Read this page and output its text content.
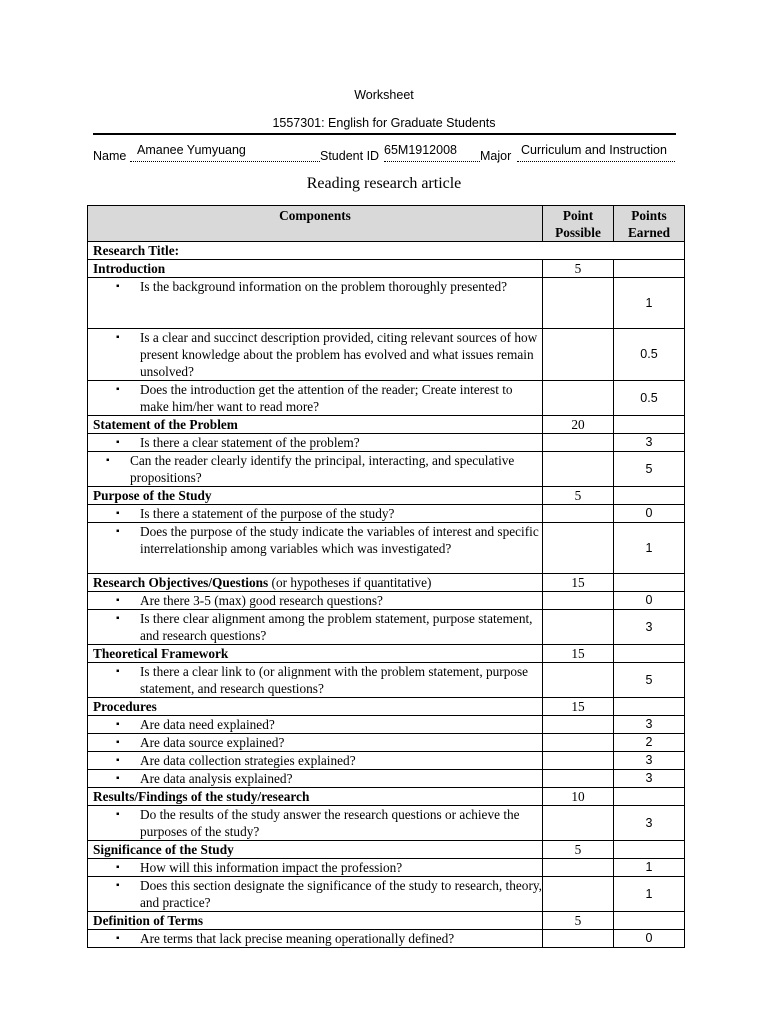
Worksheet
1557301: English for Graduate Students
Name Amanee Yumyuang	Student ID 65M1912008 Major Curriculum and Instruction
Reading research article
Components	Point Possible	Points Earned
Research Title:		
Introduction	5	

▪ Is the background information on the problem thoroughly presented?		1

▪ Is a clear and succinct description provided, citing relevant sources of how present knowledge about the problem has evolved and what issues remain unsolved?		0.5

▪ Does the introduction get the attention of the reader; Create interest to make him/her want to read more?		0.5
Statement of the Problem	20	

▪ Is there a clear statement of the problem?		3

▪ Can the reader clearly identify the principal, interacting, and speculative propositions?		5
Purpose of the Study	5	

▪ Is there a statement of the purpose of the study?		0

▪ Does the purpose of the study indicate the variables of interest and specific interrelationship among variables which was investigated?		1
Research Objectives/Questions (or hypotheses if quantitative)	15	

▪ Are there 3-5 (max) good research questions?		0

▪ Is there clear alignment among the problem statement, purpose statement, and research questions?		3
Theoretical Framework	15	

▪ Is there a clear link to (or alignment with the problem statement, purpose statement, and research questions?		5
Procedures	15	

▪ Are data need explained?		3

▪ Are data source explained?		2

▪ Are data collection strategies explained?		3

▪ Are data analysis explained?		3
Results/Findings of the study/research	10	

▪ Do the results of the study answer the research questions or achieve the purposes of the study?		3
Significance of the Study	5	

▪ How will this information impact the profession?		1

▪ Does this section designate the significance of the study to research, theory, and practice?		1
Definition of Terms	5	

▪ Are terms that lack precise meaning operationally defined?		0
